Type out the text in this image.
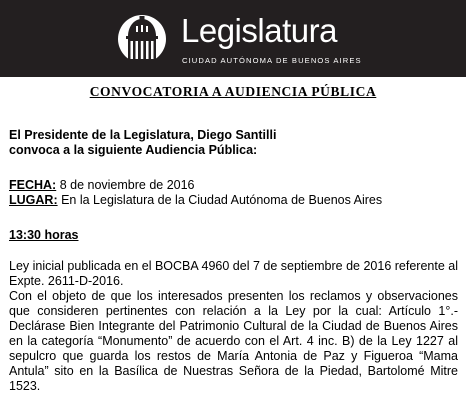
Legislatura
CIUDAD AUTÓNOMA DE BUENOS AIRES
CONVOCATORIA A AUDIENCIA PÚBLICA
El Presidente de la Legislatura, Diego Santilli
convoca a la siguiente Audiencia Pública:
FECHA: 8 de noviembre de 2016
LUGAR: En la Legislatura de la Ciudad Autónoma de Buenos Aires
13:30 horas

Ley inicial publicada en el BOCBA 4960 del 7 de septiembre de 2016 referente al Expte. 2611-D-2016.

Con el objeto de que los interesados presenten los reclamos y observaciones que consideren pertinentes con relación a la Ley por la cual: Artículo 1°.- Declárase Bien Integrante del Patrimonio Cultural de la Ciudad de Buenos Aires en la categoría “Monumento” de acuerdo con el Art. 4 inc. B) de la Ley 1227 al sepulcro que guarda los restos de María Antonia de Paz y Figueroa “Mama Antula” sito en la Basílica de Nuestras Señora de la Piedad, Bartolomé Mitre 1523.
